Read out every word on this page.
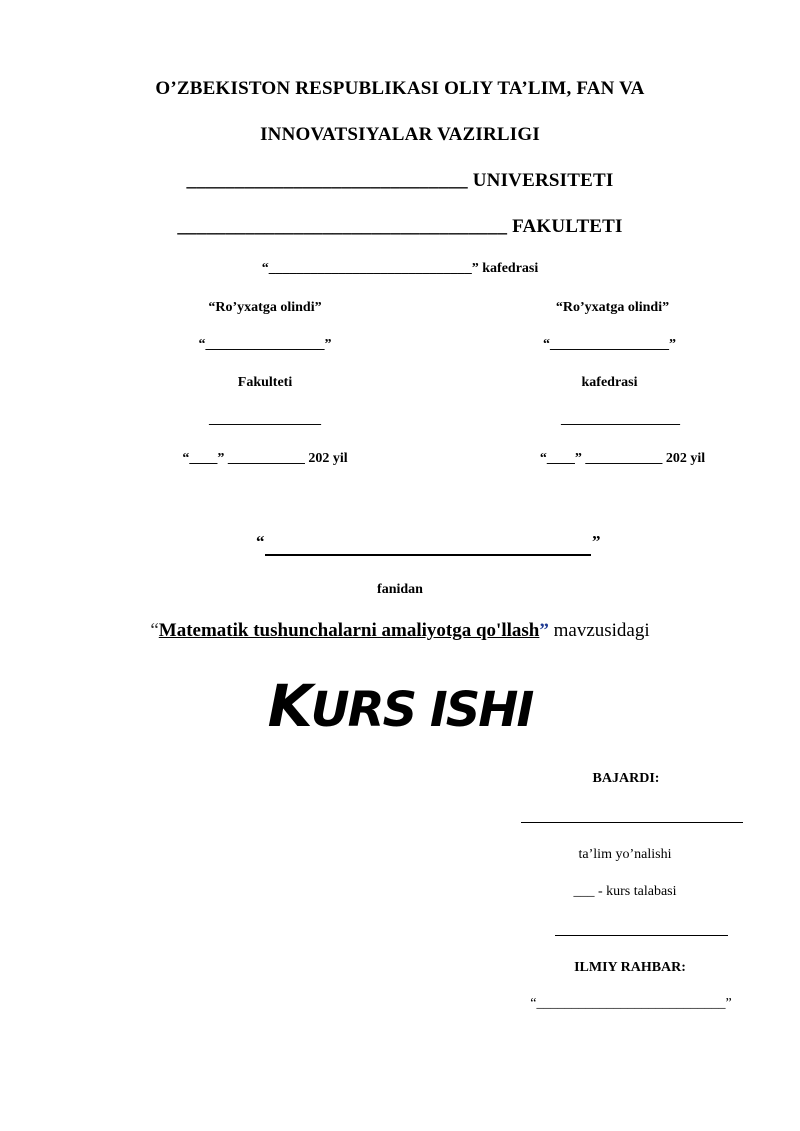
O’ZBEKISTON RESPUBLIKASI OLIY TA’LIM, FAN VA
INNOVATSIYALAR VAZIRLIGI
_____________________________ UNIVERSITETI
__________________________________ FAKULTETI
“_____________________________” kafedrasi
“Ro’yxatga olindi”
“_________________”
Fakulteti
________________
“____” ___________ 202 yil
“Ro’yxatga olindi”
“_________________”
kafedrasi
_________________
“____” ___________ 202 yil
“	”
fanidan
“Matematik tushunchalarni amaliyotga qo'llash” mavzusidagi
KURS ISHI
BAJARDI:
ta’lim yo’nalishi
___ - kurs talabasi
ILMIY RAHBAR:
“___________________________”
